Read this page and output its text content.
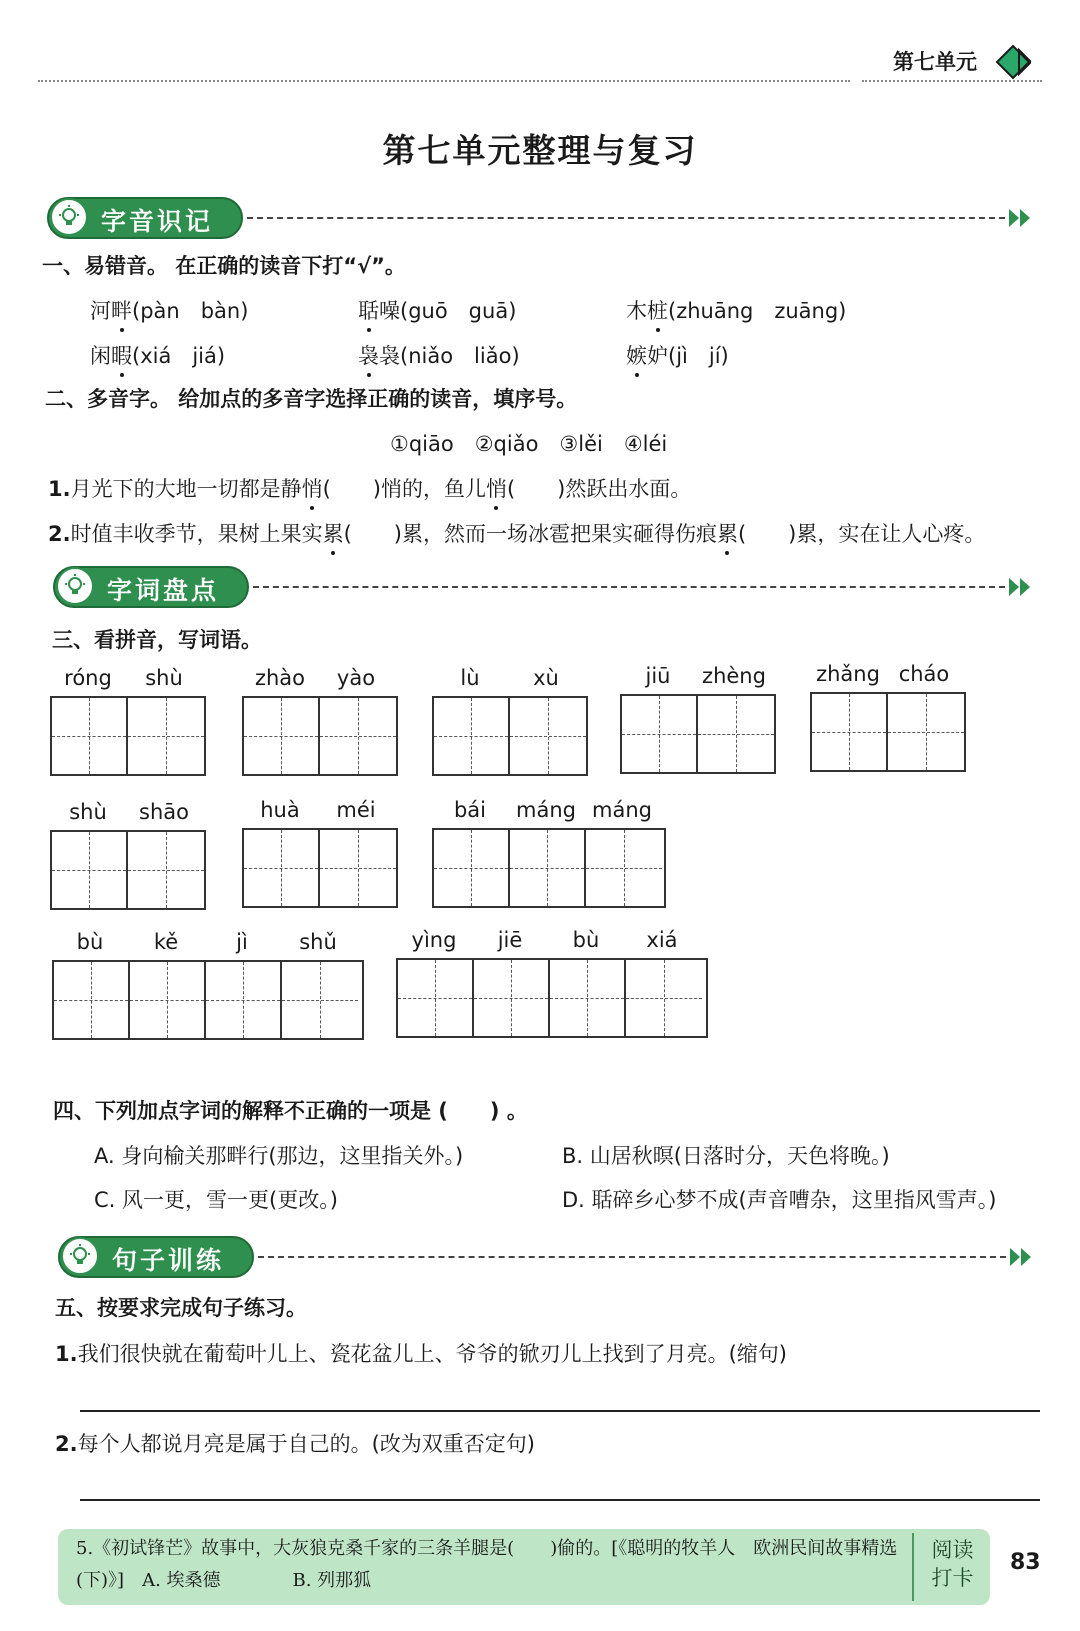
第七单元
第七单元整理与复习
字音识记
一、易错音。 在正确的读音下打“√”。
河畔(pàn　bàn)	聒噪(guō　guā)	木桩(zhuāng　zuāng)
闲暇(xiá　jiá)	袅袅(niǎo　liǎo)	嫉妒(jì　jí)
二、多音字。 给加点的多音字选择正确的读音，填序号。
①qiāo　②qiǎo　③lěi　④léi
1.月光下的大地一切都是静悄(　　)悄的，鱼儿悄(　　)然跃出水面。
2.时值丰收季节，果树上果实累(　　)累，然而一场冰雹把果实砸得伤痕累(　　)累，实在让人心疼。
字词盘点
三、看拼音，写词语。
róng	shù	zhào	yào	lù	xù	jiū	zhèng zhǎng cháo
shù	shāo	huà	méi	bái	máng máng
bù	kě	jì	shǔ	yìng	jiē	bù	xiá
四、下列加点字词的解释不正确的一项是 (　　) 。
A. 身向榆关那畔行(那边，这里指关外。)	B. 山居秋暝(日落时分，天色将晚。)
C. 风一更，雪一更(更改。)	D. 聒碎乡心梦不成(声音嘈杂，这里指风雪声。)
句子训练
五、按要求完成句子练习。
1.我们很快就在葡萄叶儿上、瓷花盆儿上、爷爷的锨刃儿上找到了月亮。(缩句)
2.每个人都说月亮是属于自己的。(改为双重否定句)
5.《初试锋芒》故事中，大灰狼克桑千家的三条羊腿是(　　)偷的。[《聪明的牧羊人　欧洲民间故事精选(下)》]　A. 埃桑德　　　　B. 列那狐
阅读
打卡
83
